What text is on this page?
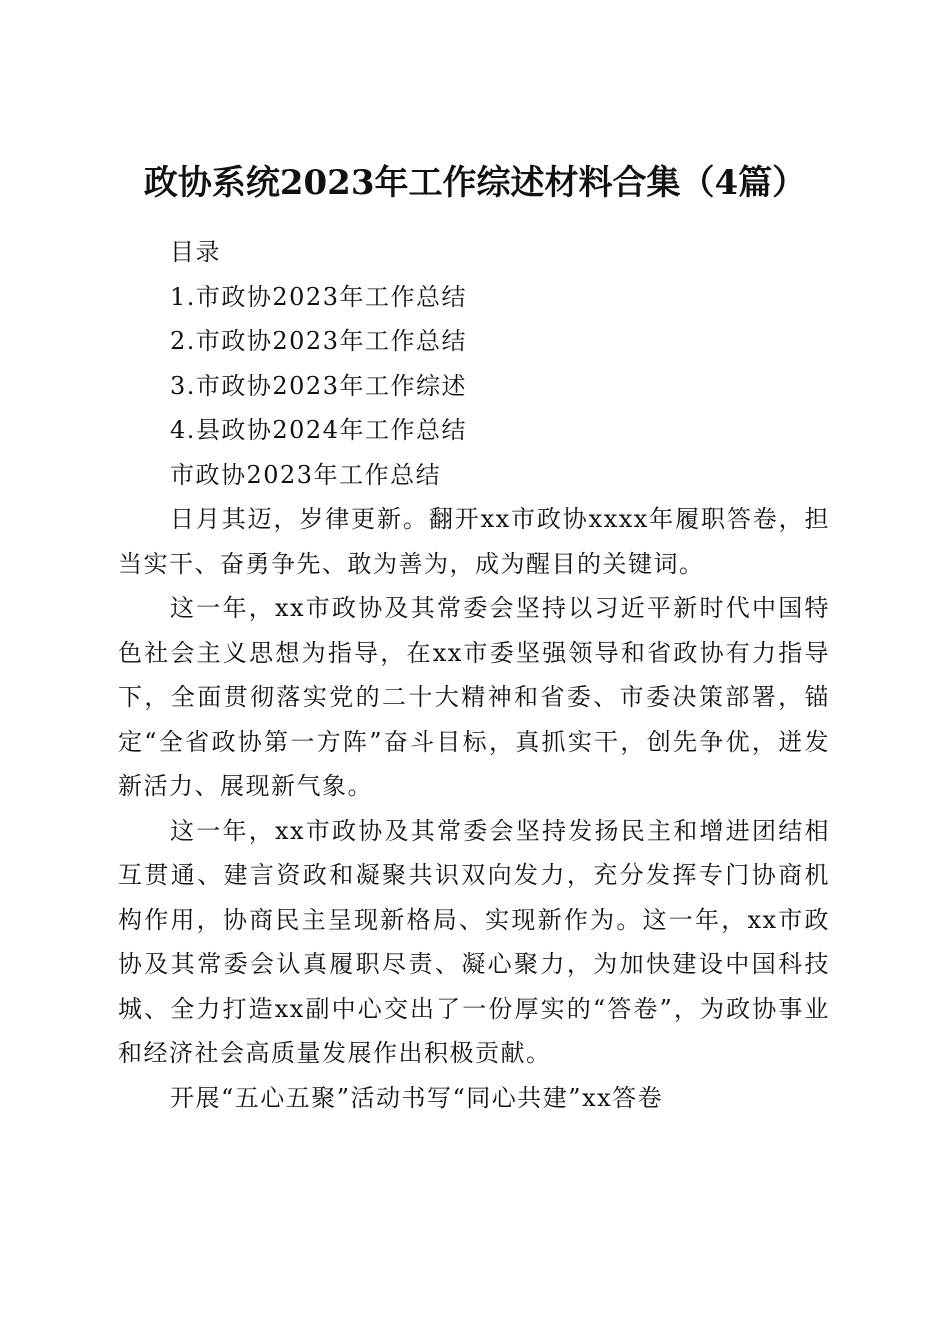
政协系统2023年工作综述材料合集（4篇）

目录

1.市政协2023年工作总结

2.市政协2023年工作总结

3.市政协2023年工作综述

4.县政协2024年工作总结

市政协2023年工作总结

日月其迈，岁律更新。翻开xx市政协xxxx年履职答卷，担当实干、奋勇争先、敢为善为，成为醒目的关键词。

这一年，xx市政协及其常委会坚持以习近平新时代中国特色社会主义思想为指导，在xx市委坚强领导和省政协有力指导下，全面贯彻落实党的二十大精神和省委、市委决策部署，锚定“全省政协第一方阵”奋斗目标，真抓实干，创先争优，迸发新活力、展现新气象。

这一年，xx市政协及其常委会坚持发扬民主和增进团结相互贯通、建言资政和凝聚共识双向发力，充分发挥专门协商机构作用，协商民主呈现新格局、实现新作为。这一年，xx市政协及其常委会认真履职尽责、凝心聚力，为加快建设中国科技城、全力打造xx副中心交出了一份厚实的“答卷”，为政协事业和经济社会高质量发展作出积极贡献。

开展“五心五聚”活动书写“同心共建”xx答卷
